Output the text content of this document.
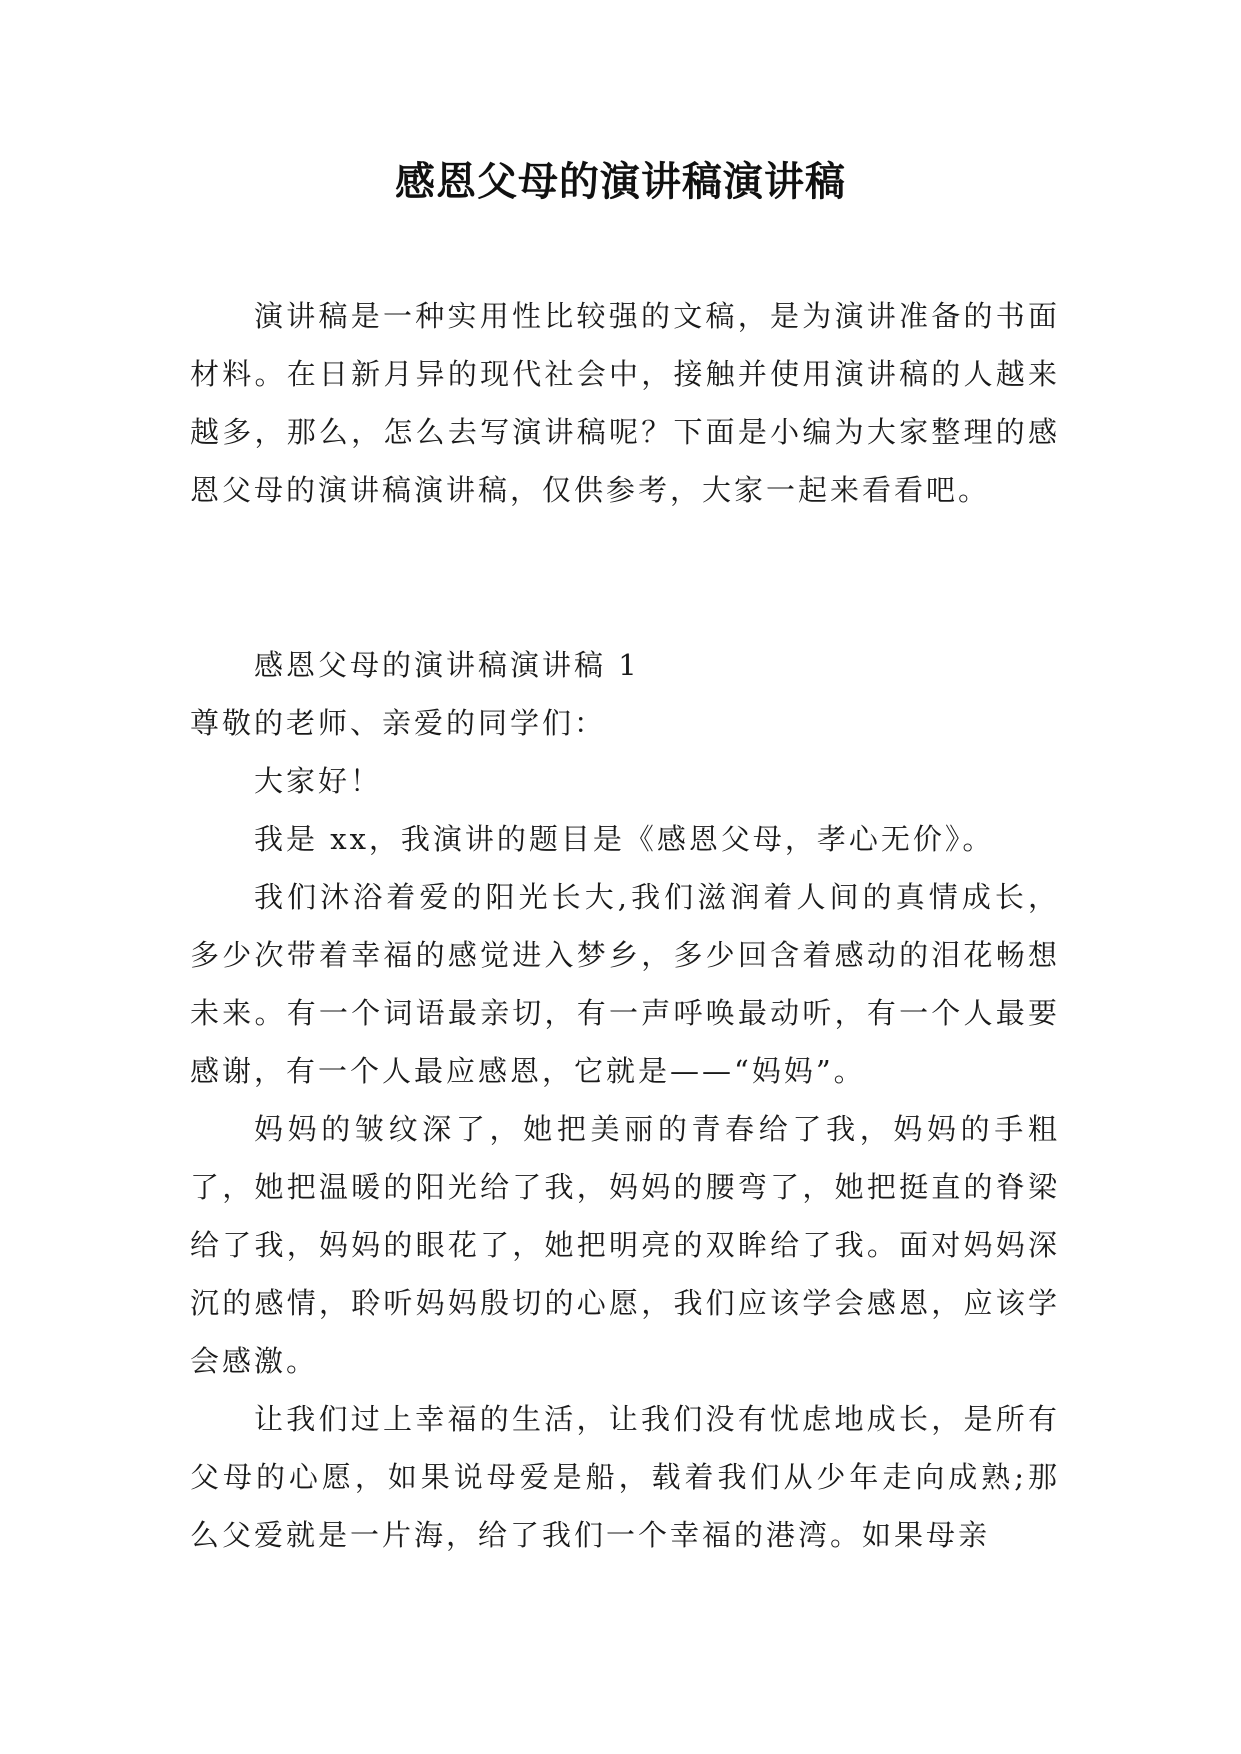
感恩父母的演讲稿演讲稿

演讲稿是一种实用性比较强的文稿，是为演讲准备的书面材料。在日新月异的现代社会中，接触并使用演讲稿的人越来越多，那么，怎么去写演讲稿呢？下面是小编为大家整理的感恩父母的演讲稿演讲稿，仅供参考，大家一起来看看吧。

感恩父母的演讲稿演讲稿 1

尊敬的老师、亲爱的同学们：

大家好！

我是 xx，我演讲的题目是《感恩父母，孝心无价》。

我们沐浴着爱的阳光长大,我们滋润着人间的真情成长，多少次带着幸福的感觉进入梦乡，多少回含着感动的泪花畅想未来。有一个词语最亲切，有一声呼唤最动听，有一个人最要感谢，有一个人最应感恩，它就是——“妈妈”。

妈妈的皱纹深了，她把美丽的青春给了我，妈妈的手粗了，她把温暖的阳光给了我，妈妈的腰弯了，她把挺直的脊梁给了我，妈妈的眼花了，她把明亮的双眸给了我。面对妈妈深沉的感情，聆听妈妈殷切的心愿，我们应该学会感恩，应该学会感激。

让我们过上幸福的生活，让我们没有忧虑地成长，是所有父母的心愿，如果说母爱是船，载着我们从少年走向成熟;那么父爱就是一片海，给了我们一个幸福的港湾。如果母亲
